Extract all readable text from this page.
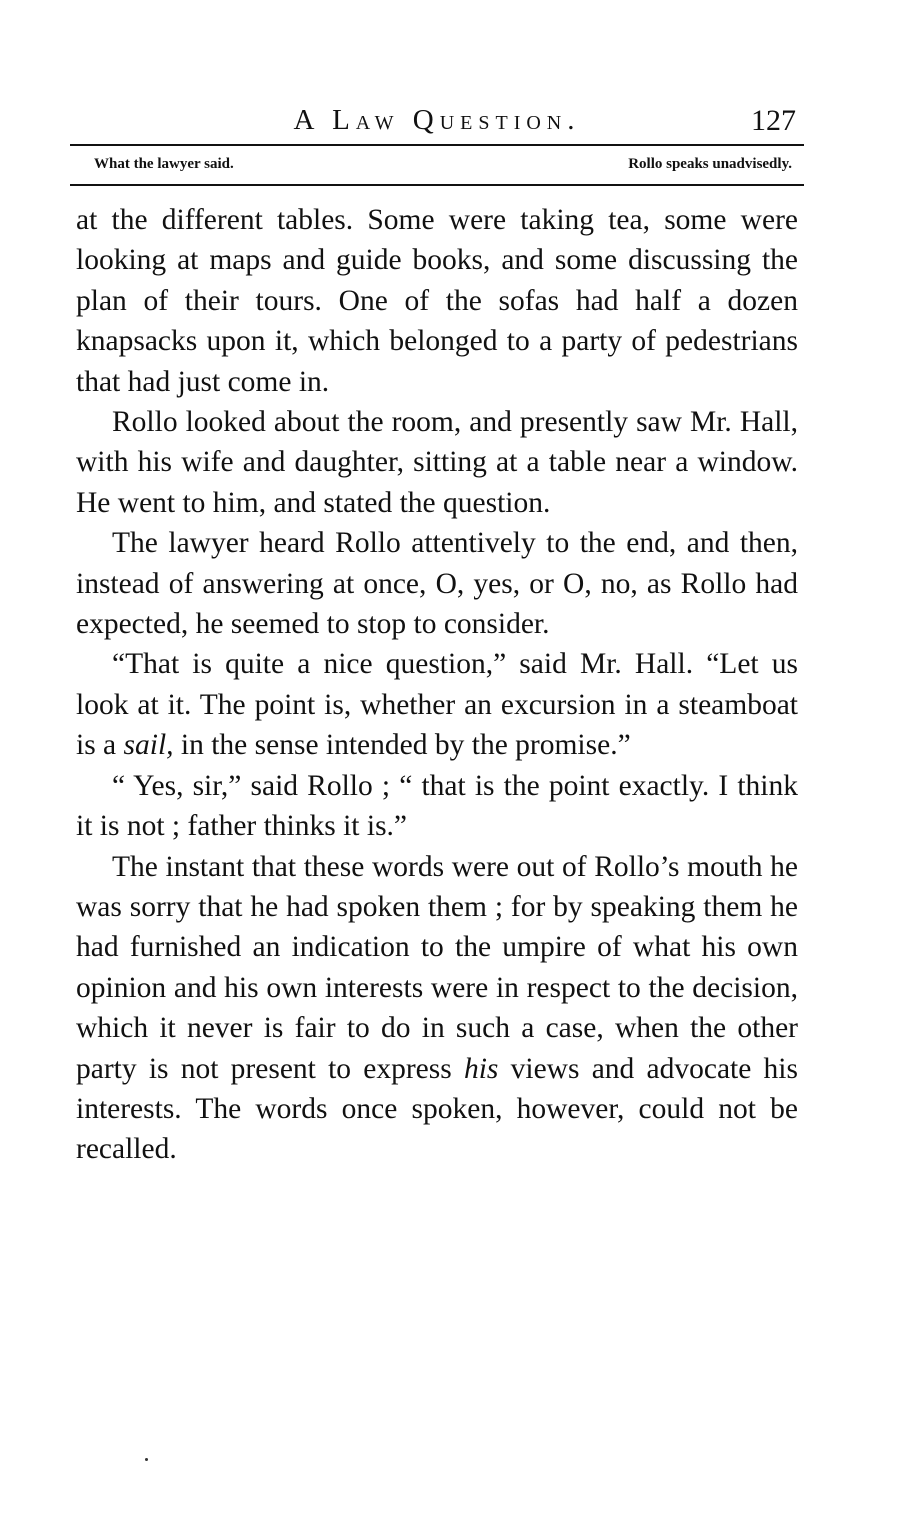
A Law Question.	127
What the lawyer said.	Rollo speaks unadvisedly.

at the different tables. Some were taking tea, some were looking at maps and guide books, and some discussing the plan of their tours. One of the sofas had half a dozen knapsacks upon it, which belonged to a party of pedestrians that had just come in.

Rollo looked about the room, and presently saw Mr. Hall, with his wife and daughter, sitting at a table near a window. He went to him, and stated the question.

The lawyer heard Rollo attentively to the end, and then, instead of answering at once, O, yes, or O, no, as Rollo had expected, he seemed to stop to consider.

“That is quite a nice question,” said Mr. Hall. “Let us look at it. The point is, whether an excursion in a steamboat is a sail, in the sense intended by the promise.”

“ Yes, sir,” said Rollo ; “ that is the point exactly. I think it is not ; father thinks it is.”

The instant that these words were out of Rollo’s mouth he was sorry that he had spoken them ; for by speaking them he had furnished an indication to the umpire of what his own opinion and his own interests were in respect to the decision, which it never is fair to do in such a case, when the other party is not present to express his views and advocate his interests. The words once spoken, however, could not be recalled.
